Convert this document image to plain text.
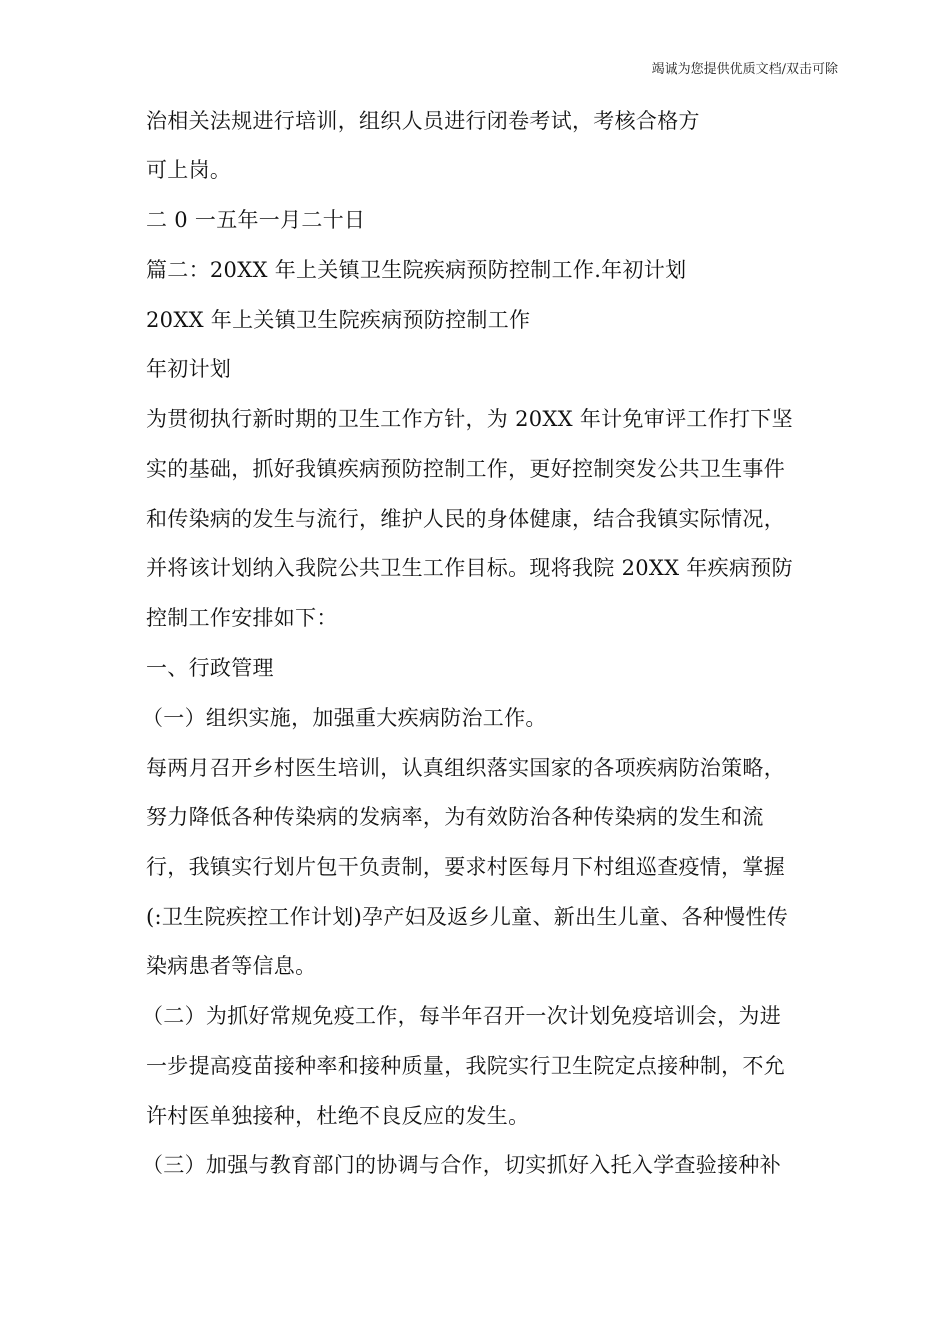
竭诚为您提供优质文档/双击可除
治相关法规进行培训，组织人员进行闭卷考试，考核合格方
可上岗。
二 0 一五年一月二十日
篇二：20XX 年上关镇卫生院疾病预防控制工作.年初计划
20XX 年上关镇卫生院疾病预防控制工作
年初计划
为贯彻执行新时期的卫生工作方针，为 20XX 年计免审评工作打下坚
实的基础，抓好我镇疾病预防控制工作，更好控制突发公共卫生事件
和传染病的发生与流行，维护人民的身体健康，结合我镇实际情况，
并将该计划纳入我院公共卫生工作目标。现将我院 20XX 年疾病预防
控制工作安排如下：
一、行政管理
（一）组织实施，加强重大疾病防治工作。
每两月召开乡村医生培训，认真组织落实国家的各项疾病防治策略，
努力降低各种传染病的发病率，为有效防治各种传染病的发生和流
行，我镇实行划片包干负责制，要求村医每月下村组巡查疫情，掌握
(:卫生院疾控工作计划)孕产妇及返乡儿童、新出生儿童、各种慢性传
染病患者等信息。
（二）为抓好常规免疫工作，每半年召开一次计划免疫培训会，为进
一步提高疫苗接种率和接种质量，我院实行卫生院定点接种制，不允
许村医单独接种，杜绝不良反应的发生。
（三）加强与教育部门的协调与合作，切实抓好入托入学查验接种补
